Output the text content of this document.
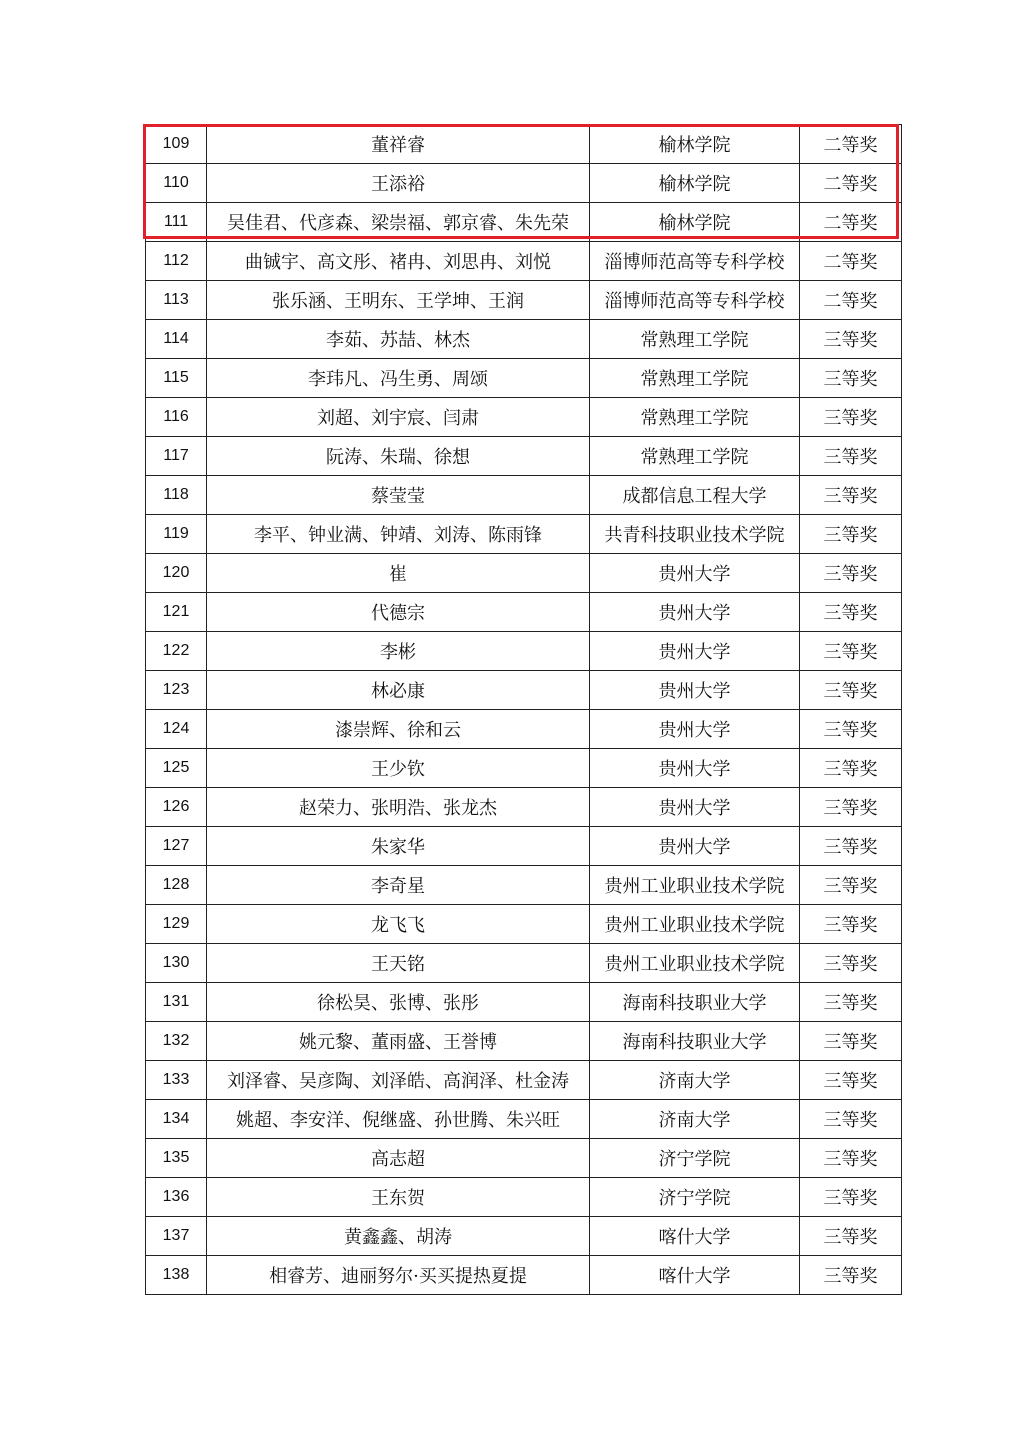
109	董祥睿	榆林学院	二等奖
110	王添裕	榆林学院	二等奖
111	吴佳君、代彦森、梁崇福、郭京睿、朱先荣	榆林学院	二等奖
112	曲铖宇、高文彤、褚冉、刘思冉、刘悦	淄博师范高等专科学校	二等奖
113	张乐涵、王明东、王学坤、王润	淄博师范高等专科学校	二等奖
114	李茹、苏喆、林杰	常熟理工学院	三等奖
115	李玮凡、冯生勇、周颂	常熟理工学院	三等奖
116	刘超、刘宇宸、闫肃	常熟理工学院	三等奖
117	阮涛、朱瑞、徐想	常熟理工学院	三等奖
118	蔡莹莹	成都信息工程大学	三等奖
119	李平、钟业满、钟靖、刘涛、陈雨锋	共青科技职业技术学院	三等奖
120	崔	贵州大学	三等奖
121	代德宗	贵州大学	三等奖
122	李彬	贵州大学	三等奖
123	林必康	贵州大学	三等奖
124	漆崇辉、徐和云	贵州大学	三等奖
125	王少钦	贵州大学	三等奖
126	赵荣力、张明浩、张龙杰	贵州大学	三等奖
127	朱家华	贵州大学	三等奖
128	李奇星	贵州工业职业技术学院	三等奖
129	龙飞飞	贵州工业职业技术学院	三等奖
130	王天铭	贵州工业职业技术学院	三等奖
131	徐松昊、张博、张彤	海南科技职业大学	三等奖
132	姚元黎、董雨盛、王誉博	海南科技职业大学	三等奖
133	刘泽睿、吴彦陶、刘泽皓、高润泽、杜金涛	济南大学	三等奖
134	姚超、李安洋、倪继盛、孙世腾、朱兴旺	济南大学	三等奖
135	高志超	济宁学院	三等奖
136	王东贺	济宁学院	三等奖
137	黄鑫鑫、胡涛	喀什大学	三等奖
138	相睿芳、迪丽努尔·买买提热夏提	喀什大学	三等奖
